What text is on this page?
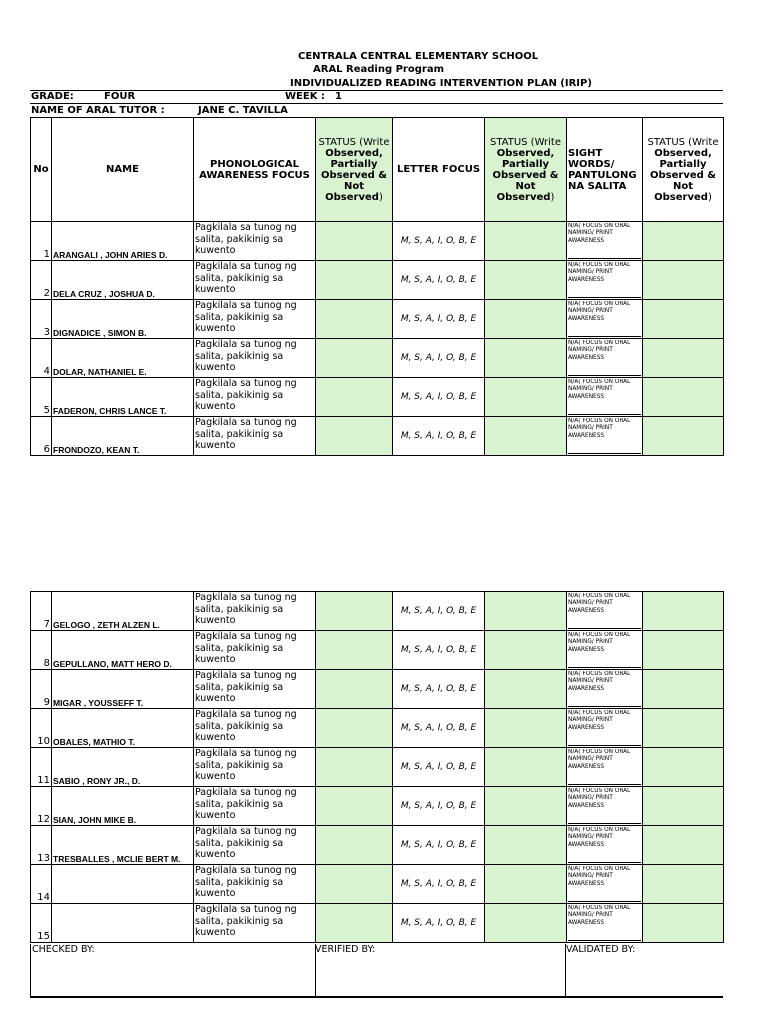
CENTRALA CENTRAL ELEMENTARY SCHOOL
ARAL Reading Program
INDIVIDUALIZED READING INTERVENTION PLAN (IRIP)
GRADE:	FOUR	WEEK : 1
NAME OF ARAL TUTOR :	JANE C. TAVILLA
No	NAME	PHONOLOGICAL AWARENESS FOCUS	STATUS (Write Observed, Partially Observed & Not Observed)	LETTER FOCUS	STATUS (Write Observed, Partially Observed & Not Observed)	SIGHT WORDS/ PANTULONG NA SALITA	STATUS (Write Observed, Partially Observed & Not Observed)
1	ARANGALI , JOHN ARIES D.	Pagkilala sa tunog ng salita, pakikinig sa kuwento		M, S, A, I, O, B, E		N/A( FOCUS ON ORAL NAMING/ PRINT AWARENESS	

2	DELA CRUZ , JOSHUA D.	Pagkilala sa tunog ng salita, pakikinig sa kuwento		M, S, A, I, O, B, E		N/A( FOCUS ON ORAL NAMING/ PRINT AWARENESS	

3	DIGNADICE , SIMON B.	Pagkilala sa tunog ng salita, pakikinig sa kuwento		M, S, A, I, O, B, E		N/A( FOCUS ON ORAL NAMING/ PRINT AWARENESS	

4	DOLAR, NATHANIEL E.	Pagkilala sa tunog ng salita, pakikinig sa kuwento		M, S, A, I, O, B, E		N/A( FOCUS ON ORAL NAMING/ PRINT AWARENESS	

5	FADERON, CHRIS LANCE T.	Pagkilala sa tunog ng salita, pakikinig sa kuwento		M, S, A, I, O, B, E		N/A( FOCUS ON ORAL NAMING/ PRINT AWARENESS	

6	FRONDOZO, KEAN T.	Pagkilala sa tunog ng salita, pakikinig sa kuwento		M, S, A, I, O, B, E		N/A( FOCUS ON ORAL NAMING/ PRINT AWARENESS	

7	GELOGO , ZETH ALZEN L.	Pagkilala sa tunog ng salita, pakikinig sa kuwento		M, S, A, I, O, B, E		N/A( FOCUS ON ORAL NAMING/ PRINT AWARENESS	

8	GEPULLANO, MATT HERO D.	Pagkilala sa tunog ng salita, pakikinig sa kuwento		M, S, A, I, O, B, E		N/A( FOCUS ON ORAL NAMING/ PRINT AWARENESS	

9	MIGAR , YOUSSEFF T.	Pagkilala sa tunog ng salita, pakikinig sa kuwento		M, S, A, I, O, B, E		N/A( FOCUS ON ORAL NAMING/ PRINT AWARENESS	

10	OBALES, MATHIO T.	Pagkilala sa tunog ng salita, pakikinig sa kuwento		M, S, A, I, O, B, E		N/A( FOCUS ON ORAL NAMING/ PRINT AWARENESS	

11	SABIO , RONY JR., D.	Pagkilala sa tunog ng salita, pakikinig sa kuwento		M, S, A, I, O, B, E		N/A( FOCUS ON ORAL NAMING/ PRINT AWARENESS	

12	SIAN, JOHN MIKE B.	Pagkilala sa tunog ng salita, pakikinig sa kuwento		M, S, A, I, O, B, E		N/A( FOCUS ON ORAL NAMING/ PRINT AWARENESS	

13	TRESBALLES , MCLIE BERT M.	Pagkilala sa tunog ng salita, pakikinig sa kuwento		M, S, A, I, O, B, E		N/A( FOCUS ON ORAL NAMING/ PRINT AWARENESS	

14		Pagkilala sa tunog ng salita, pakikinig sa kuwento		M, S, A, I, O, B, E		N/A( FOCUS ON ORAL NAMING/ PRINT AWARENESS	

15		Pagkilala sa tunog ng salita, pakikinig sa kuwento		M, S, A, I, O, B, E		N/A( FOCUS ON ORAL NAMING/ PRINT AWARENESS	

CHECKED BY:	VERIFIED BY:	VALIDATED BY:
